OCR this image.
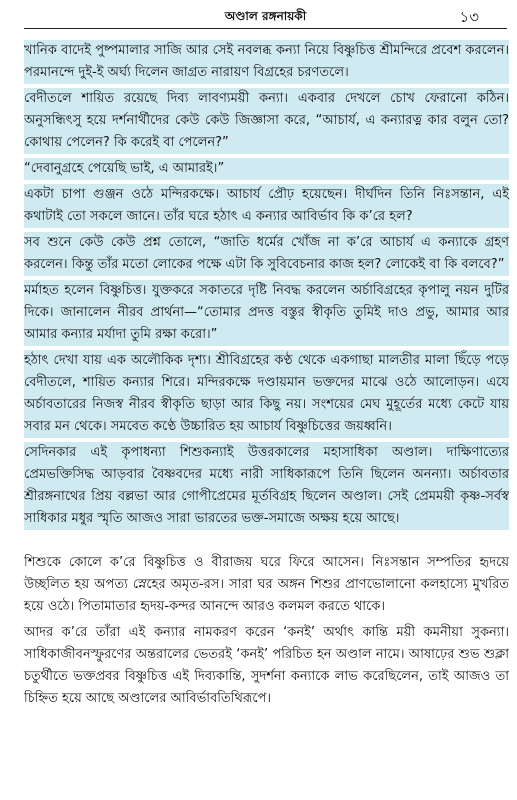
অণ্ডাল রঙ্গনায়কী	১৩

খানিক বাদেই পুষ্পমালার সাজি আর সেই নবলব্ধ কন্যা নিয়ে বিষ্ণুচিত্ত শ্রীমন্দিরে প্রবেশ করলেন। পরমানন্দে দুই-ই অর্ঘ্য দিলেন জাগ্রত নারায়ণ বিগ্রহের চরণতলে।

বেদীতলে শায়িত রয়েছে দিব্য লাবণ্যময়ী কন্যা। একবার দেখলে চোখ ফেরানো কঠিন। অনুসন্ধিৎসু হয়ে দর্শনার্থীদের কেউ কেউ জিজ্ঞাসা করে, “আচার্য, এ কন্যারত্ন কার বলুন তো? কোথায় পেলেন? কি করেই বা পেলেন?”

“দেবানুগ্রহে পেয়েছি ভাই, এ আমারই।”

একটা চাপা গুঞ্জন ওঠে মন্দিরকক্ষে। আচার্য প্রৌঢ় হয়েছেন। দীর্ঘদিন তিনি নিঃসন্তান, এই কথাটাই তো সকলে জানে। তাঁর ঘরে হঠাৎ এ কন্যার আবির্ভাব কি ক’রে হল?

সব শুনে কেউ কেউ প্রশ্ন তোলে, “জাতি ধর্মের খোঁজ না ক’রে আচার্য এ কন্যাকে গ্রহণ করলেন। কিন্তু তাঁর মতো লোকের পক্ষে এটা কি সুবিবেচনার কাজ হল? লোকেই বা কি বলবে?”

মর্মাহত হলেন বিষ্ণুচিত্ত। যুক্তকরে সকাতরে দৃষ্টি নিবদ্ধ করলেন অর্চাবিগ্রহের কৃপালু নয়ন দুটির দিকে। জানালেন নীরব প্রার্থনা—“তোমার প্রদত্ত বস্তুর স্বীকৃতি তুমিই দাও প্রভু, আমার আর আমার কন্যার মর্যাদা তুমি রক্ষা করো।”

হঠাৎ দেখা যায় এক অলৌকিক দৃশ্য। শ্রীবিগ্রহের কণ্ঠ থেকে একগাছা মালতীর মালা ছিঁড়ে পড়ে বেদীতলে, শায়িত কন্যার শিরে। মন্দিরকক্ষে দণ্ডায়মান ভক্তদের মাঝে ওঠে আলোড়ন। এযে অর্চাবতারের নিজস্ব নীরব স্বীকৃতি ছাড়া আর কিছু নয়। সংশয়ের মেঘ মুহূর্তের মধ্যে কেটে যায় সবার মন থেকে। সমবেত কণ্ঠে উচ্চারিত হয় আচার্য বিষ্ণুচিত্তের জয়ধ্বনি।

সেদিনকার এই কৃপাধন্যা শিশুকন্যাই উত্তরকালের মহাসাধিকা অণ্ডাল। দাক্ষিণাত্যের প্রেমভক্তিসিদ্ধ আড়বার বৈষ্ণবদের মধ্যে নারী সাধিকারূপে তিনি ছিলেন অনন্যা। অর্চাবতার শ্রীরঙ্গনাথের প্রিয় বল্লভা আর গোপীপ্রেমের মূর্তবিগ্রহ ছিলেন অণ্ডাল। সেই প্রেমময়ী কৃষ্ণ-সর্বস্ব সাধিকার মধুর স্মৃতি আজও সারা ভারতের ভক্ত-সমাজে অক্ষয় হয়ে আছে।

শিশুকে কোলে ক’রে বিষ্ণুচিত্ত ও বীরাজয় ঘরে ফিরে আসেন। নিঃসন্তান সম্পতির হৃদয়ে উচ্ছলিত হয় অপত্য স্নেহের অমৃত-রস। সারা ঘর অঙ্গন শিশুর প্রাণভোলানো কলহাস্যে মুখরিত হয়ে ওঠে। পিতামাতার হৃদয়-কন্দর আনন্দে আরও কলমল করতে থাকে।

আদর ক’রে তাঁরা এই কন্যার নামকরণ করেন ‘কনই’ অর্থাৎ কান্তি ময়ী কমনীয়া সুকন্যা। সাধিকাজীবনস্ফুরণের অন্তরালের ভেতরই ‘কনই’ পরিচিত হন অণ্ডাল নামে। আষাঢ়ের শুভ শুক্লা চতুর্থীতে ভক্তপ্রবর বিষ্ণুচিত্ত এই দিব্যকান্তি, সুদর্শনা কন্যাকে লাভ করেছিলেন, তাই আজও তা চিহ্নিত হয়ে আছে অণ্ডালের আবির্ভাবতিথিরূপে।
